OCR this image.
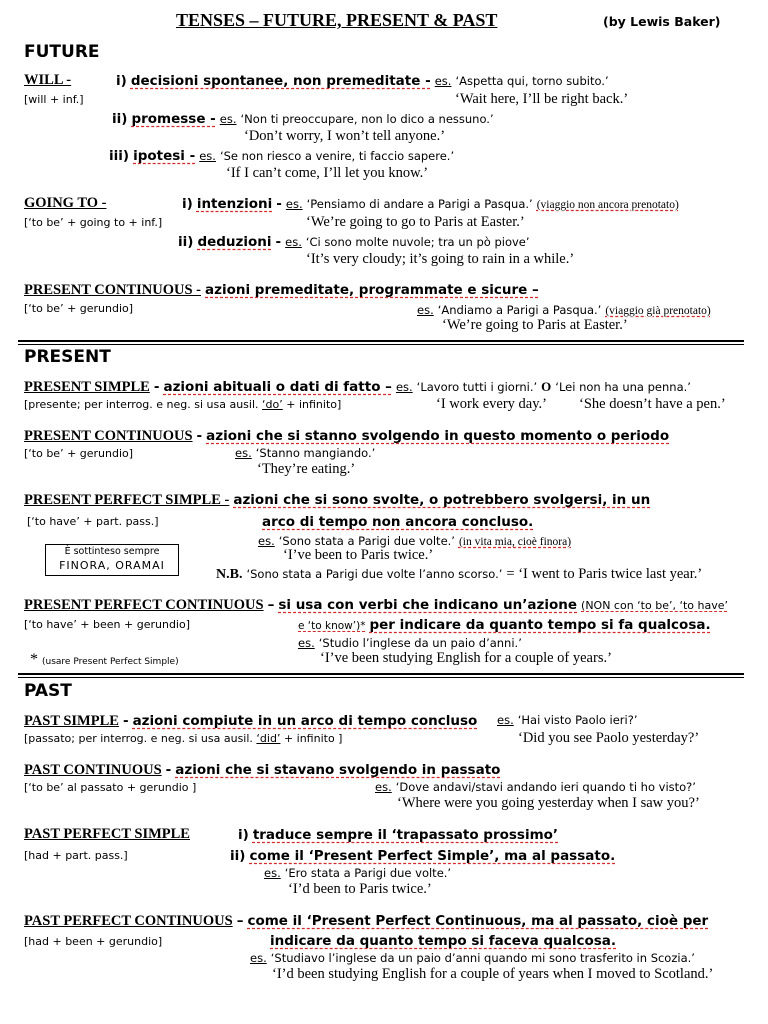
TENSES – FUTURE, PRESENT & PAST	(by Lewis Baker)
FUTURE
WILL -
[will + inf.]
i) decisioni spontanee, non premeditate - es. ‘Aspetta qui, torno subito.’
‘Wait here, I’ll be right back.’
ii) promesse - es. ‘Non ti preoccupare, non lo dico a nessuno.’
‘Don’t worry, I won’t tell anyone.’
iii) ipotesi - es. ‘Se non riesco a venire, ti faccio sapere.’
‘If I can’t come, I’ll let you know.’
GOING TO -
[‘to be’ + going to + inf.]
i) intenzioni - es. ‘Pensiamo di andare a Parigi a Pasqua.’ (viaggio non ancora prenotato)
‘We’re going to go to Paris at Easter.’
ii) deduzioni - es. ‘Ci sono molte nuvole; tra un pò piove’
‘It’s very cloudy; it’s going to rain in a while.’
PRESENT CONTINUOUS - azioni premeditate, programmate e sicure –
[‘to be’ + gerundio]	es. ‘Andiamo a Parigi a Pasqua.’ (viaggio già prenotato)
‘We’re going to Paris at Easter.’
PRESENT
PRESENT SIMPLE - azioni abituali o dati di fatto – es. ‘Lavoro tutti i giorni.’ O ‘Lei non ha una penna.’
[presente; per interrog. e neg. si usa ausil. ‘do’ + infinito]	‘I work every day.’ ‘She doesn’t have a pen.’
PRESENT CONTINUOUS - azioni che si stanno svolgendo in questo momento o periodo
[‘to be’ + gerundio]	es. ‘Stanno mangiando.’
‘They’re eating.’
PRESENT PERFECT SIMPLE - azioni che si sono svolte, o potrebbero svolgersi, in un
[‘to have’ + part. pass.]	arco di tempo non ancora concluso.
È sottinteso sempre
FINORA, ORAMAI
es. ‘Sono stata a Parigi due volte.’ (in vita mia, cioè finora)
‘I’ve been to Paris twice.’
N.B. ‘Sono stata a Parigi due volte l’anno scorso.’ = ‘I went to Paris twice last year.’
PRESENT PERFECT CONTINUOUS – si usa con verbi che indicano un’azione (NON con ‘to be’, ‘to have’
[‘to have’ + been + gerundio]	e ‘to know’)* per indicare da quanto tempo si fa qualcosa.
es. ‘Studio l’inglese da un paio d’anni.’
* (usare Present Perfect Simple)	‘I’ve been studying English for a couple of years.’
PAST
PAST SIMPLE - azioni compiute in un arco di tempo concluso es. ‘Hai visto Paolo ieri?’
[passato; per interrog. e neg. si usa ausil. ‘did’ + infinito ]	‘Did you see Paolo yesterday?’
PAST CONTINUOUS - azioni che si stavano svolgendo in passato
[‘to be’ al passato + gerundio ]	es. ‘Dove andavi/stavi andando ieri quando ti ho visto?’
‘Where were you going yesterday when I saw you?’
PAST PERFECT SIMPLE	i) traduce sempre il ‘trapassato prossimo’
[had + part. pass.]	ii) come il ‘Present Perfect Simple’, ma al passato.
es. ‘Ero stata a Parigi due volte.’
‘I’d been to Paris twice.’
PAST PERFECT CONTINUOUS – come il ‘Present Perfect Continuous, ma al passato, cioè per
[had + been + gerundio]	indicare da quanto tempo si faceva qualcosa.
es. ‘Studiavo l’inglese da un paio d’anni quando mi sono trasferito in Scozia.’
‘I’d been studying English for a couple of years when I moved to Scotland.’
